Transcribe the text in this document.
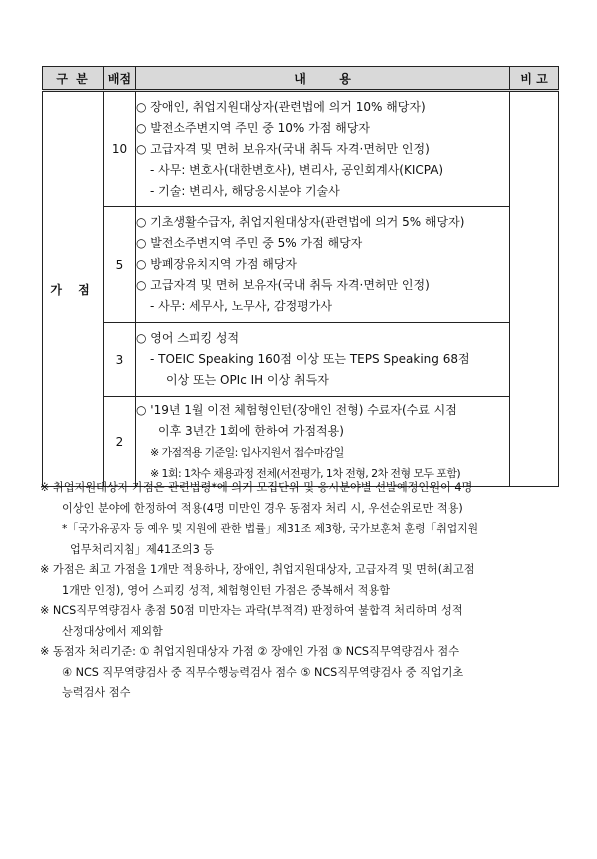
구 분	배점	내        용	비 고
가 점	10	○ 장애인, 취업지원대상자(관련법에 의거 10% 해당자)
○ 발전소주변지역 주민 중 10% 가점 해당자
○ 고급자격 및 면허 보유자(국내 취득 자격·면허만 인정)
- 사무: 변호사(대한변호사), 변리사, 공인회계사(KICPA)
- 기술: 변리사, 해당응시분야 기술사	

	5	○ 기초생활수급자, 취업지원대상자(관련법에 의거 5% 해당자)
○ 발전소주변지역 주민 중 5% 가점 해당자
○ 방폐장유치지역 가점 해당자
○ 고급자격 및 면허 보유자(국내 취득 자격·면허만 인정)
- 사무: 세무사, 노무사, 감정평가사	

	3	○ 영어 스피킹 성적
- TOEIC Speaking 160점 이상 또는 TEPS Speaking 68점
이상 또는 OPIc IH 이상 취득자	

	2	○ '19년 1월 이전 체험형인턴(장애인 전형) 수료자(수료 시점
이후 3년간 1회에 한하여 가점적용)
※ 가점적용 기준일: 입사지원서 접수마감일
※ 1회: 1차수 채용과정 전체(서전평가, 1차 전형, 2차 전형 모두 포함)	
※ 취업지원대상자 가점은 관련법령*에 의거 모집단위 및 응시분야별 선발예정인원이 4명
이상인 분야에 한정하여 적용(4명 미만인 경우 동점자 처리 시, 우선순위로만 적용)
*「국가유공자 등 예우 및 지원에 관한 법률」제31조 제3항, 국가보훈처 훈령「취업지원
업무처리지침」제41조의3 등
※ 가점은 최고 가점을 1개만 적용하나, 장애인, 취업지원대상자, 고급자격 및 면허(최고점
1개만 인정), 영어 스피킹 성적, 체험형인턴 가점은 중복해서 적용함
※ NCS직무역량검사 총점 50점 미만자는 과락(부적격) 판정하여 불합격 처리하며 성적
산정대상에서 제외함
※ 동점자 처리기준: ① 취업지원대상자 가점 ② 장애인 가점 ③ NCS직무역량검사 점수
④ NCS 직무역량검사 중 직무수행능력검사 점수 ⑤ NCS직무역량검사 중 직업기초
능력검사 점수
